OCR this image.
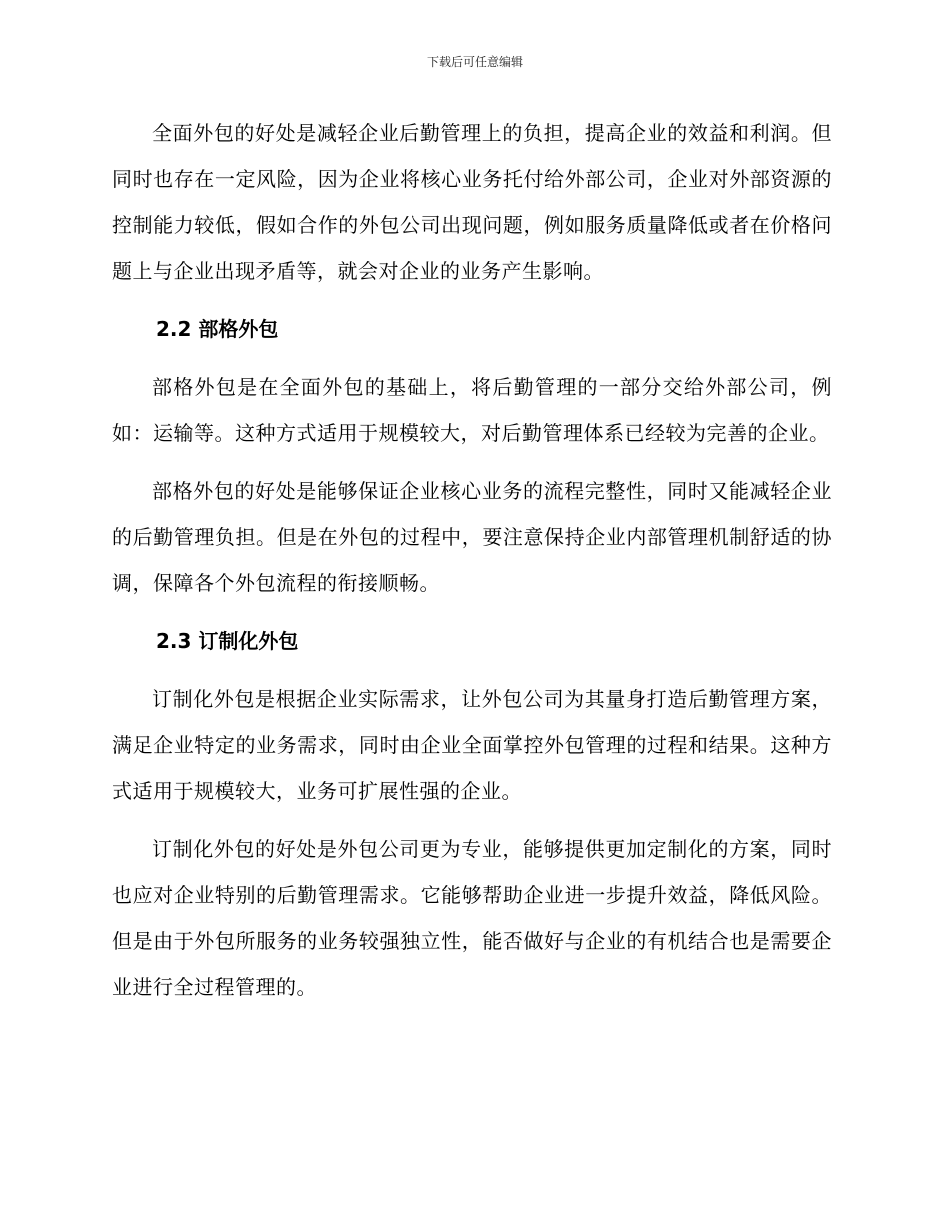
下载后可任意编辑

全面外包的好处是减轻企业后勤管理上的负担，提高企业的效益和利润。但同时也存在一定风险，因为企业将核心业务托付给外部公司，企业对外部资源的控制能力较低，假如合作的外包公司出现问题，例如服务质量降低或者在价格问题上与企业出现矛盾等，就会对企业的业务产生影响。

2.2 部格外包

部格外包是在全面外包的基础上，将后勤管理的一部分交给外部公司，例如：运输等。这种方式适用于规模较大，对后勤管理体系已经较为完善的企业。

部格外包的好处是能够保证企业核心业务的流程完整性，同时又能减轻企业的后勤管理负担。但是在外包的过程中，要注意保持企业内部管理机制舒适的协调，保障各个外包流程的衔接顺畅。

2.3 订制化外包

订制化外包是根据企业实际需求，让外包公司为其量身打造后勤管理方案，满足企业特定的业务需求，同时由企业全面掌控外包管理的过程和结果。这种方式适用于规模较大，业务可扩展性强的企业。

订制化外包的好处是外包公司更为专业，能够提供更加定制化的方案，同时也应对企业特别的后勤管理需求。它能够帮助企业进一步提升效益，降低风险。但是由于外包所服务的业务较强独立性，能否做好与企业的有机结合也是需要企业进行全过程管理的。
